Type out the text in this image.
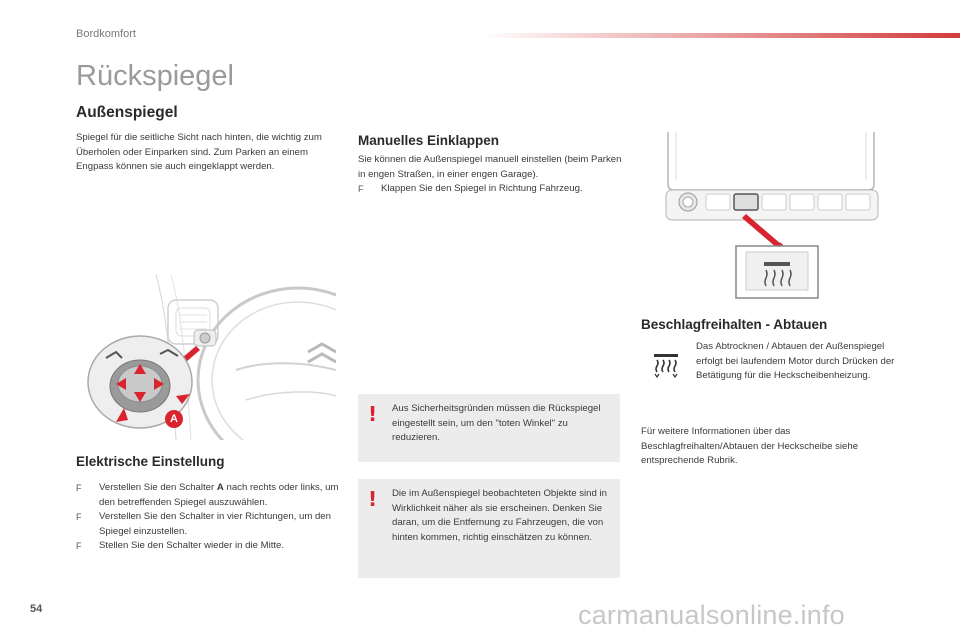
Bordkomfort
Rückspiegel
Außenspiegel

Spiegel für die seitliche Sicht nach hinten, die wichtig zum Überholen oder Einparken sind. Zum Parken an einem Engpass können sie auch eingeklappt werden.

A
Elektrische Einstellung
F Verstellen Sie den Schalter A nach rechts oder links, um den betreffenden Spiegel auszuwählen.
F Verstellen Sie den Schalter in vier Richtungen, um den Spiegel einzustellen.
F Stellen Sie den Schalter wieder in die Mitte.
Manuelles Einklappen

Sie können die Außenspiegel manuell einstellen (beim Parken in engen Straßen, in einer engen Garage).

F Klappen Sie den Spiegel in Richtung Fahrzeug.
! Aus Sicherheitsgründen müssen die Rückspiegel eingestellt sein, um den "toten Winkel" zu reduzieren.
! Die im Außenspiegel beobachteten Objekte sind in Wirklichkeit näher als sie erscheinen. Denken Sie daran, um die Entfernung zu Fahrzeugen, die von hinten kommen, richtig einschätzen zu können.
Beschlagfreihalten - Abtauen

Das Abtrocknen / Abtauen der Außenspiegel erfolgt bei laufendem Motor durch Drücken der Betätigung für die Heckscheibenheizung.

Für weitere Informationen über das Beschlagfreihalten/Abtauen der Heckscheibe siehe entsprechende Rubrik.

54	carmanualsonline.info
